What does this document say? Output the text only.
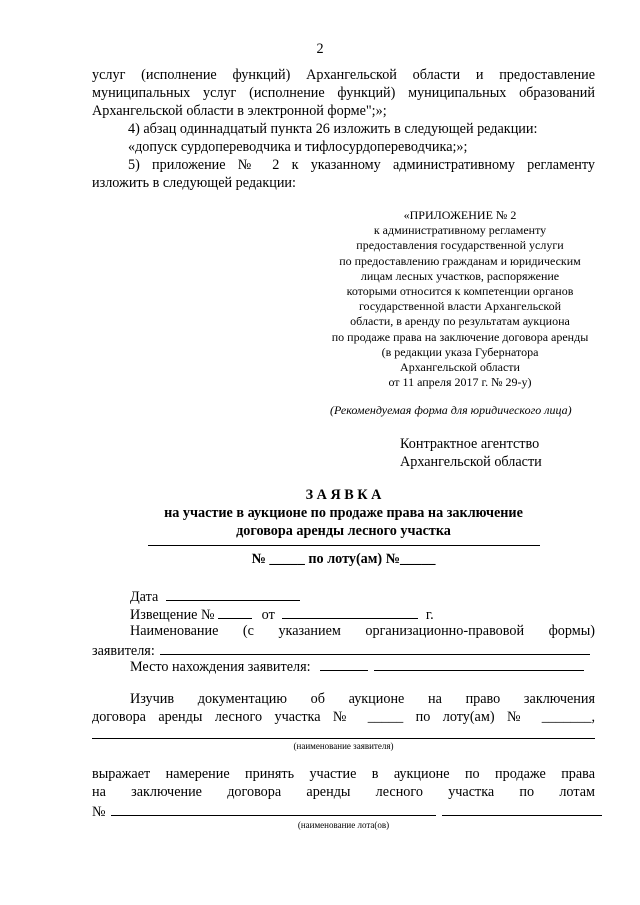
2
услуг (исполнение функций) Архангельской области и предоставление
муниципальных услуг (исполнение функций) муниципальных образований
Архангельской области в электронной форме";»;
4) абзац одиннадцатый пункта 26 изложить в следующей редакции:
«допуск сурдопереводчика и тифлосурдопереводчика;»;
5) приложение № 2 к указанному административному регламенту
изложить в следующей редакции:
«ПРИЛОЖЕНИЕ № 2
к административному регламенту
предоставления государственной услуги
по предоставлению гражданам и юридическим
лицам лесных участков, распоряжение
которыми относится к компетенции органов
государственной власти Архангельской
области, в аренду по результатам аукциона
по продаже права на заключение договора аренды
(в редакции указа Губернатора
Архангельской области
от 11 апреля 2017 г. № 29-у)
(Рекомендуемая форма для юридического лица)
Контрактное агентство
Архангельской области
З А Я В К А
на участие в аукционе по продаже права на заключение
договора аренды лесного участка
№ _____ по лоту(ам) №_____
Дата
Извещение №	от	г.
Наименование (с указанием организационно-правовой формы)
заявителя:
Место нахождения заявителя:
Изучив документацию об аукционе на право заключения
договора аренды лесного участка № _____ по лоту(ам) № _______,
(наименование заявителя)
выражает намерение принять участие в аукционе по продаже права
на заключение договора аренды лесного участка по лотам
№
(наименование лота(ов)
